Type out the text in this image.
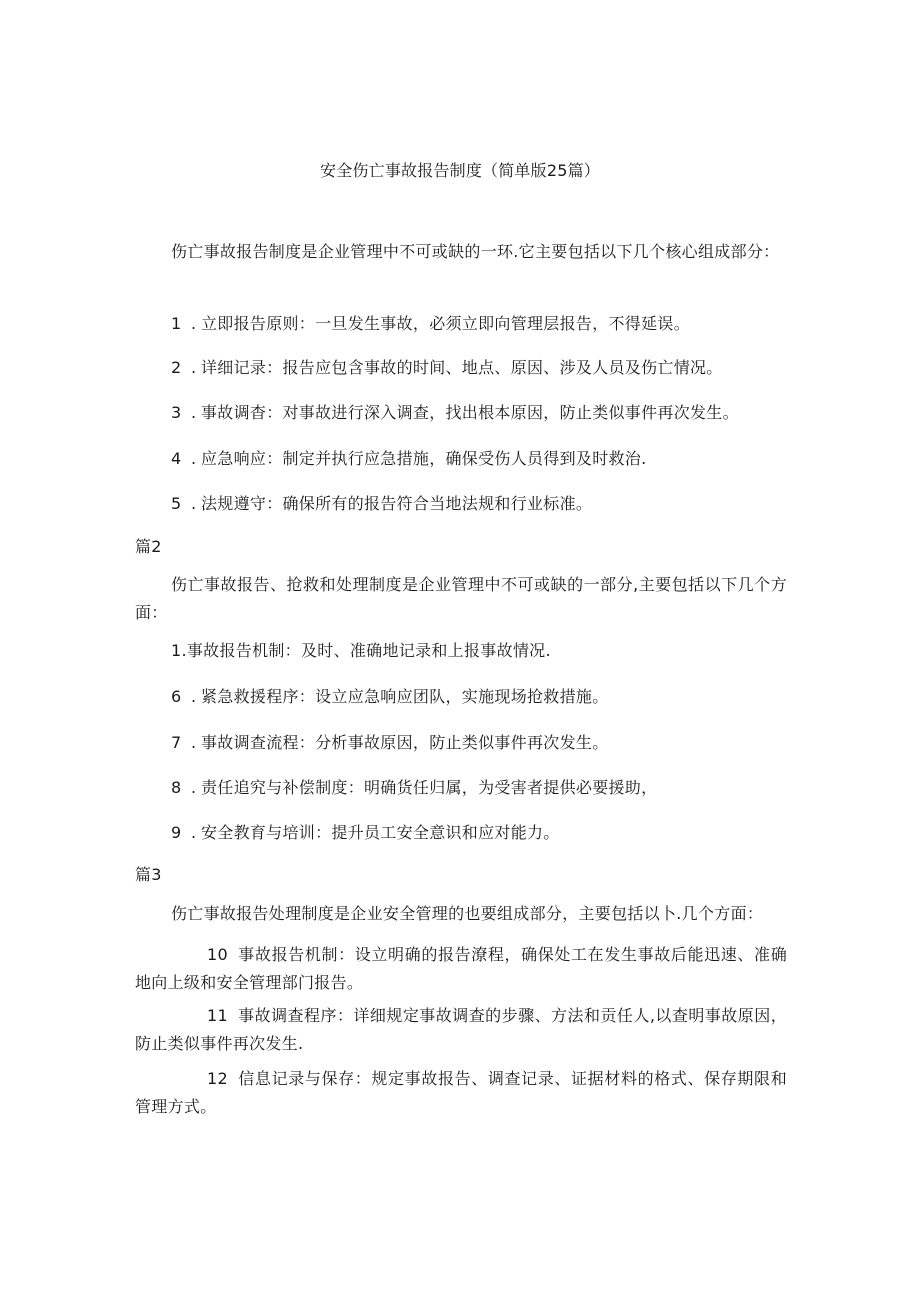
安全伤亡事故报告制度（简单版25篇）
伤亡事故报告制度是企业管理中不可或缺的一环.它主要包括以下几个核心组成部分：
1 . 立即报告原则：一旦发生事故，必须立即向管理层报告，不得延误。
2 . 详细记录：报告应包含事故的时间、地点、原因、涉及人员及伤亡情况。
3 . 事故调杳：对事故进行深入调查，找出根本原因，防止类似事件再次发生。
4 . 应急响应：制定并执行应急措施，确保受伤人员得到及时救治.
5 . 法规遵守：确保所有的报告符合当地法规和行业标准。
篇2
伤亡事故报告、抢救和处理制度是企业管理中不可或缺的一部分,主要包括以下几个方面：
1.事故报告机制：及时、准确地记录和上报事故情况.
6 . 紧急救援程序：设立应急响应团队，实施现场抢救措施。
7 . 事故调查流程：分析事故原因，防止类似事件再次发生。
8 . 责任追究与补偿制度：明确货任归属，为受害者提供必要援助，
9 . 安全教育与培训：提升员工安全意识和应对能力。
篇3
伤亡事故报告处理制度是企业安全管理的也要组成部分，主要包括以卜.几个方面：
10 事故报告机制：设立明确的报告潦程，确保处工在发生事故后能迅速、准确地向上级和安全管理部门报告。
11 事故调查程序：详细规定事故调查的步骤、方法和贡任人,以查明事故原因，防止类似事件再次发生.
12 信息记录与保存：规定事故报告、调查记录、证据材料的格式、保存期限和管理方式。
